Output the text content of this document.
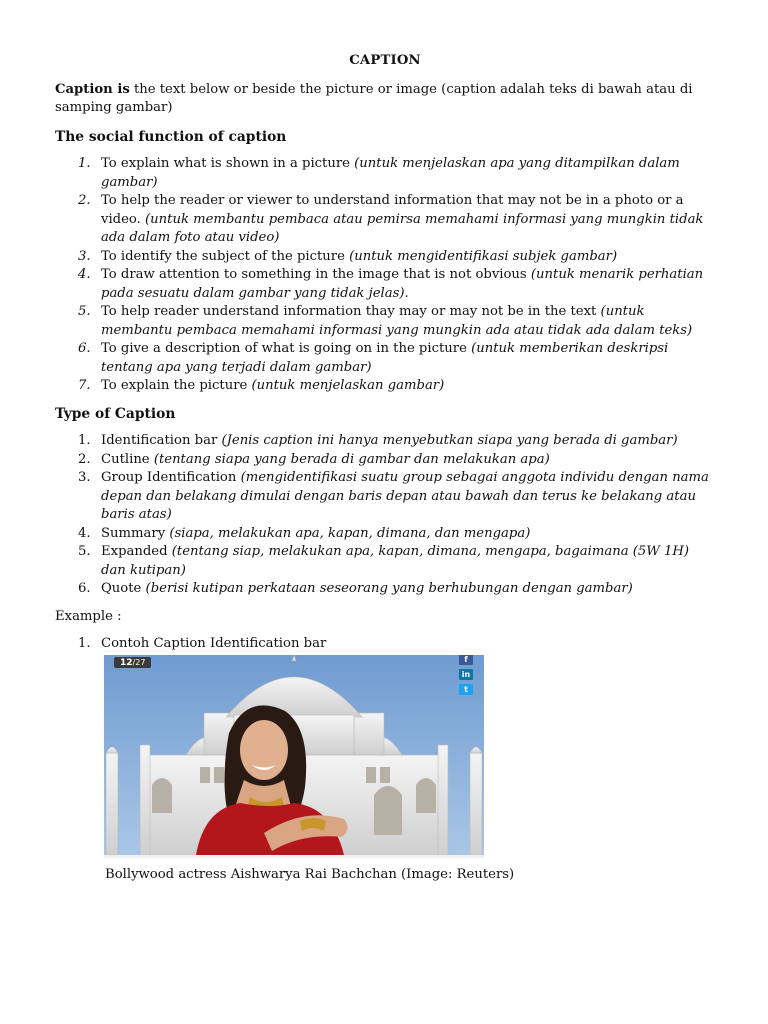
CAPTION

Caption is the text below or beside the picture or image (caption adalah teks di bawah atau di samping gambar)

The social function of caption
1. To explain what is shown in a picture (untuk menjelaskan apa yang ditampilkan dalam gambar)
2. To help the reader or viewer to understand information that may not be in a photo or a video. (untuk membantu pembaca atau pemirsa memahami informasi yang mungkin tidak ada dalam foto atau video)
3. To identify the subject of the picture (untuk mengidentifikasi subjek gambar)
4. To draw attention to something in the image that is not obvious (untuk menarik perhatian pada sesuatu dalam gambar yang tidak jelas).
5. To help reader understand information thay may or may not be in the text (untuk membantu pembaca memahami informasi yang mungkin ada atau tidak ada dalam teks)
6. To give a description of what is going on in the picture (untuk memberikan deskripsi tentang apa yang terjadi dalam gambar)
7. To explain the picture (untuk menjelaskan gambar)
Type of Caption
1. Identification bar (Jenis caption ini hanya menyebutkan siapa yang berada di gambar)
2. Cutline (tentang siapa yang berada di gambar dan melakukan apa)
3. Group Identification (mengidentifikasi suatu group sebagai anggota individu dengan nama depan dan belakang dimulai dengan baris depan atau bawah dan terus ke belakang atau baris atas)
4. Summary (siapa, melakukan apa, kapan, dimana, dan mengapa)
5. Expanded (tentang siap, melakukan apa, kapan, dimana, mengapa, bagaimana (5W 1H) dan kutipan)
6. Quote (berisi kutipan perkataan seseorang yang berhubungan dengan gambar)

Example :

1. Contoh Caption Identification bar
12/27	f
in
t

Bollywood actress Aishwarya Rai Bachchan (Image: Reuters)
